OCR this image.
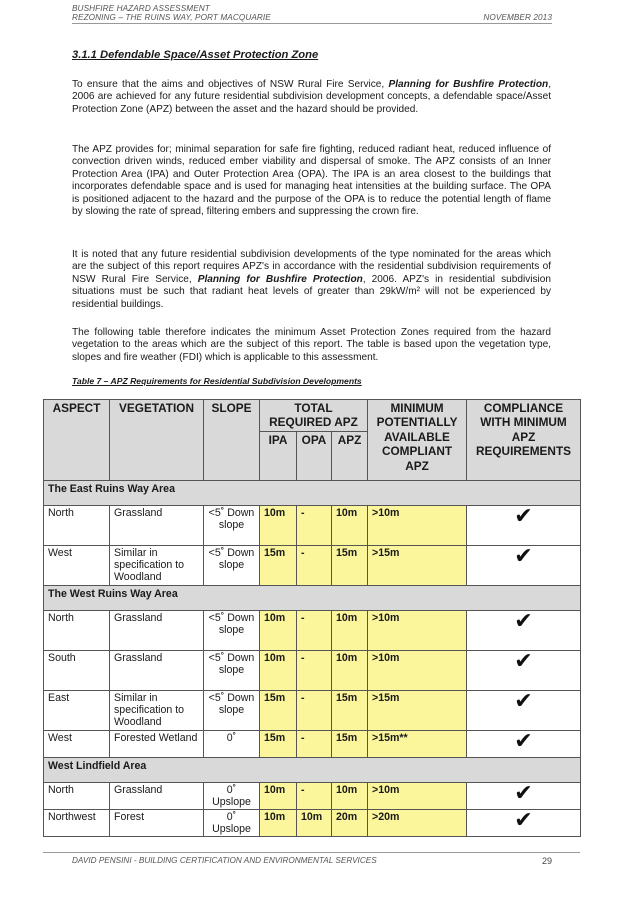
BUSHFIRE HAZARD ASSESSMENT
REZONING – THE RUINS WAY, PORT MACQUARIE	NOVEMBER 2013
3.1.1 Defendable Space/Asset Protection Zone
To ensure that the aims and objectives of NSW Rural Fire Service, Planning for Bushfire Protection, 2006 are achieved for any future residential subdivision development concepts, a defendable space/Asset Protection Zone (APZ) between the asset and the hazard should be provided.
The APZ provides for; minimal separation for safe fire fighting, reduced radiant heat, reduced influence of convection driven winds, reduced ember viability and dispersal of smoke. The APZ consists of an Inner Protection Area (IPA) and Outer Protection Area (OPA). The IPA is an area closest to the buildings that incorporates defendable space and is used for managing heat intensities at the building surface. The OPA is positioned adjacent to the hazard and the purpose of the OPA is to reduce the potential length of flame by slowing the rate of spread, filtering embers and suppressing the crown fire.
It is noted that any future residential subdivision developments of the type nominated for the areas which are the subject of this report requires APZ's in accordance with the residential subdivision requirements of NSW Rural Fire Service, Planning for Bushfire Protection, 2006. APZ's in residential subdivision situations must be such that radiant heat levels of greater than 29kW/m² will not be experienced by residential buildings.
The following table therefore indicates the minimum Asset Protection Zones required from the hazard vegetation to the areas which are the subject of this report. The table is based upon the vegetation type, slopes and fire weather (FDI) which is applicable to this assessment.
Table 7 – APZ Requirements for Residential Subdivision Developments
ASPECT	VEGETATION	SLOPE	TOTAL REQUIRED APZ			MINIMUM POTENTIALLY AVAILABLE COMPLIANT APZ	COMPLIANCE WITH MINIMUM APZ REQUIREMENTS
			IPA	OPA	APZ		
The East Ruins Way Area							
North	Grassland	<5˚ Down slope	10m	-	10m	>10m	✔
West	Similar in specification to Woodland	<5˚ Down slope	15m	-	15m	>15m	✔
The West Ruins Way Area							
North	Grassland	<5˚ Down slope	10m	-	10m	>10m	✔
South	Grassland	<5˚ Down slope	10m	-	10m	>10m	✔
East	Similar in specification to Woodland	<5˚ Down slope	15m	-	15m	>15m	✔
West	Forested Wetland	0˚	15m	-	15m	>15m**	✔
West Lindfield Area							
North	Grassland	0˚ Upslope	10m	-	10m	>10m	✔
Northwest	Forest	0˚ Upslope	10m	10m	20m	>20m	✔
DAVID PENSINI - BUILDING CERTIFICATION AND ENVIRONMENTAL SERVICES	29
